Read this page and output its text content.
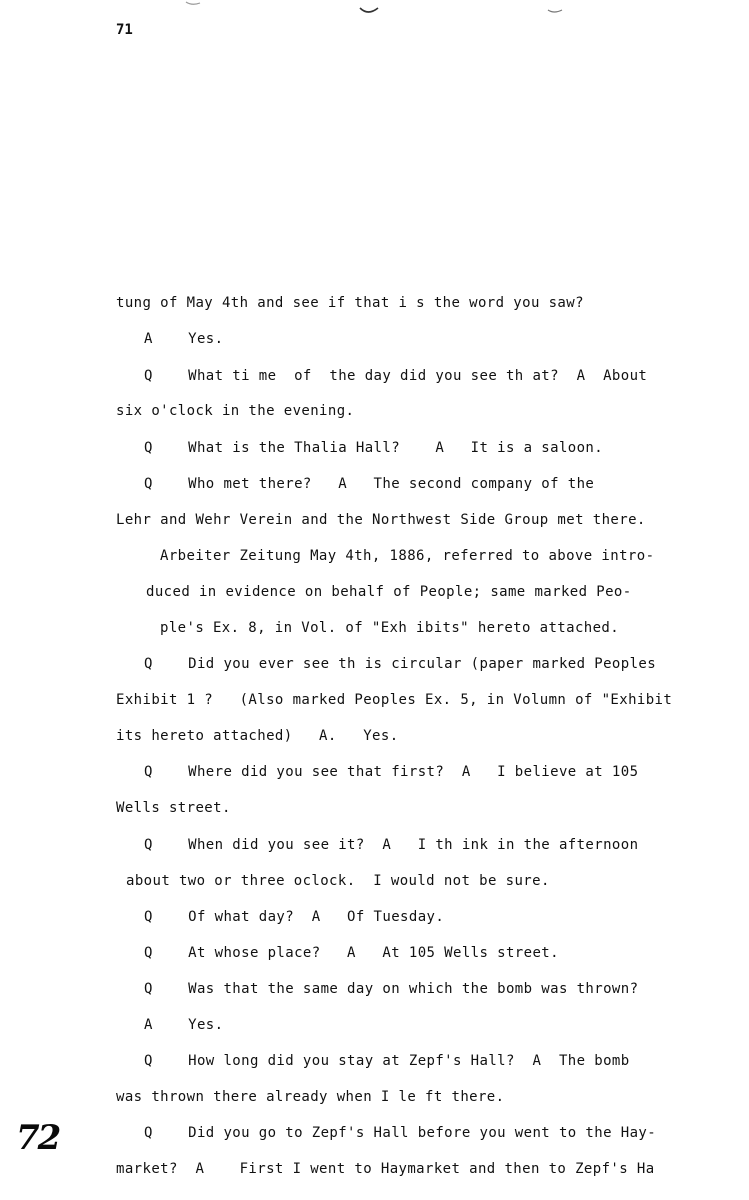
71
tung of May 4th and see if that i s the word you saw?
A    Yes.
Q    What ti me  of  the day did you see th at?  A  About
six o'clock in the evening.
Q    What is the Thalia Hall?    A   It is a saloon.
Q    Who met there?   A   The second company of the
Lehr and Wehr Verein and the Northwest Side Group met there.
Arbeiter Zeitung May 4th, 1886, referred to above intro-
duced in evidence on behalf of People; same marked Peo-
ple's Ex. 8, in Vol. of "Exh ibits" hereto attached.
Q    Did you ever see th is circular (paper marked Peoples
Exhibit 1 ?   (Also marked Peoples Ex. 5, in Volumn of "Exhibit
its hereto attached)   A.   Yes.
Q    Where did you see that first?  A   I believe at 105
Wells street.
Q    When did you see it?  A   I th ink in the afternoon
about two or three oclock.  I would not be sure.
Q    Of what day?  A   Of Tuesday.
Q    At whose place?   A   At 105 Wells street.
Q    Was that the same day on which the bomb was thrown?
A    Yes.
Q    How long did you stay at Zepf's Hall?  A  The bomb
was thrown there already when I le ft there.
Q    Did you go to Zepf's Hall before you went to the Hay-
market?  A    First I went to Haymarket and then to Zepf's Ha
72
